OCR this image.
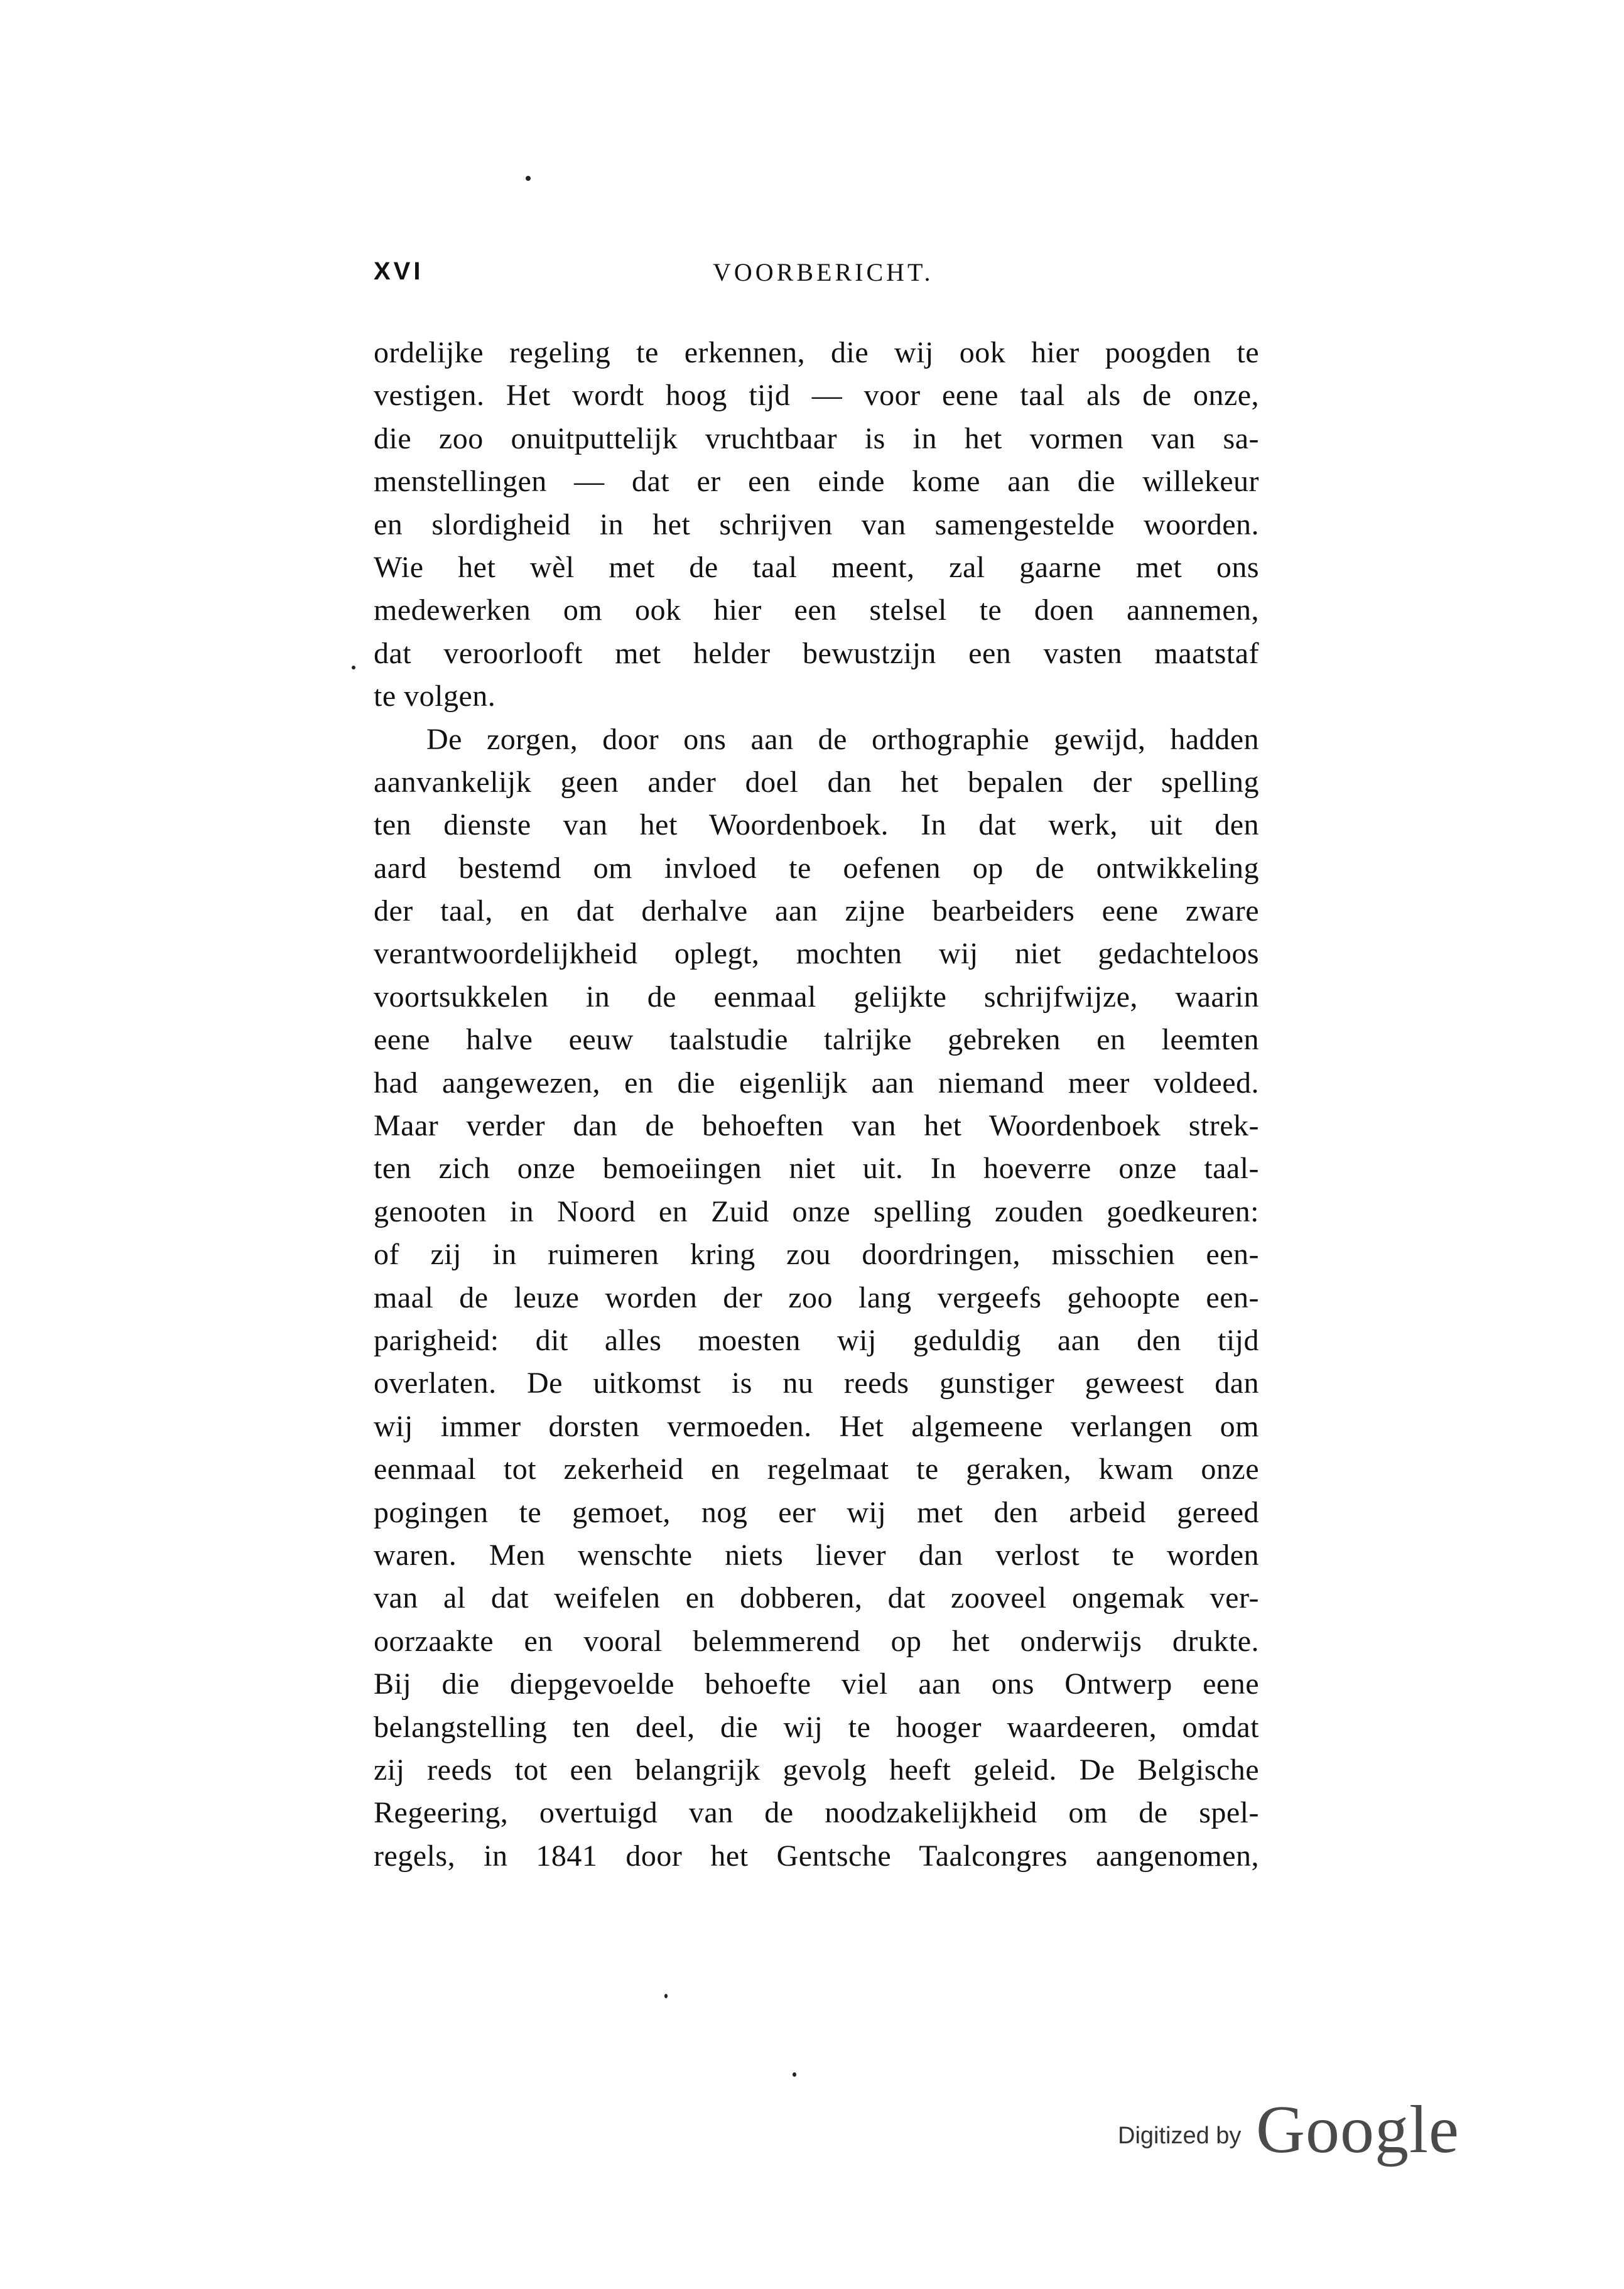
XVI	VOORBERICHT.
ordelijke regeling te erkennen, die wij ook hier poogden te
vestigen. Het wordt hoog tijd — voor eene taal als de onze,
die zoo onuitputtelijk vruchtbaar is in het vormen van sa-
menstellingen — dat er een einde kome aan die willekeur
en slordigheid in het schrijven van samengestelde woorden.
Wie het wèl met de taal meent, zal gaarne met ons
medewerken om ook hier een stelsel te doen aannemen,
dat veroorlooft met helder bewustzijn een vasten maatstaf
te volgen.
De zorgen, door ons aan de orthographie gewijd, hadden
aanvankelijk geen ander doel dan het bepalen der spelling
ten dienste van het Woordenboek. In dat werk, uit den
aard bestemd om invloed te oefenen op de ontwikkeling
der taal, en dat derhalve aan zijne bearbeiders eene zware
verantwoordelijkheid oplegt, mochten wij niet gedachteloos
voortsukkelen in de eenmaal gelijkte schrijfwijze, waarin
eene halve eeuw taalstudie talrijke gebreken en leemten
had aangewezen, en die eigenlijk aan niemand meer voldeed.
Maar verder dan de behoeften van het Woordenboek strek-
ten zich onze bemoeiingen niet uit. In hoeverre onze taal-
genooten in Noord en Zuid onze spelling zouden goedkeuren:
of zij in ruimeren kring zou doordringen, misschien een-
maal de leuze worden der zoo lang vergeefs gehoopte een-
parigheid: dit alles moesten wij geduldig aan den tijd
overlaten. De uitkomst is nu reeds gunstiger geweest dan
wij immer dorsten vermoeden. Het algemeene verlangen om
eenmaal tot zekerheid en regelmaat te geraken, kwam onze
pogingen te gemoet, nog eer wij met den arbeid gereed
waren. Men wenschte niets liever dan verlost te worden
van al dat weifelen en dobberen, dat zooveel ongemak ver-
oorzaakte en vooral belemmerend op het onderwijs drukte.
Bij die diepgevoelde behoefte viel aan ons Ontwerp eene
belangstelling ten deel, die wij te hooger waardeeren, omdat
zij reeds tot een belangrijk gevolg heeft geleid. De Belgische
Regeering, overtuigd van de noodzakelijkheid om de spel-
regels, in 1841 door het Gentsche Taalcongres aangenomen,
Digitized by Google
